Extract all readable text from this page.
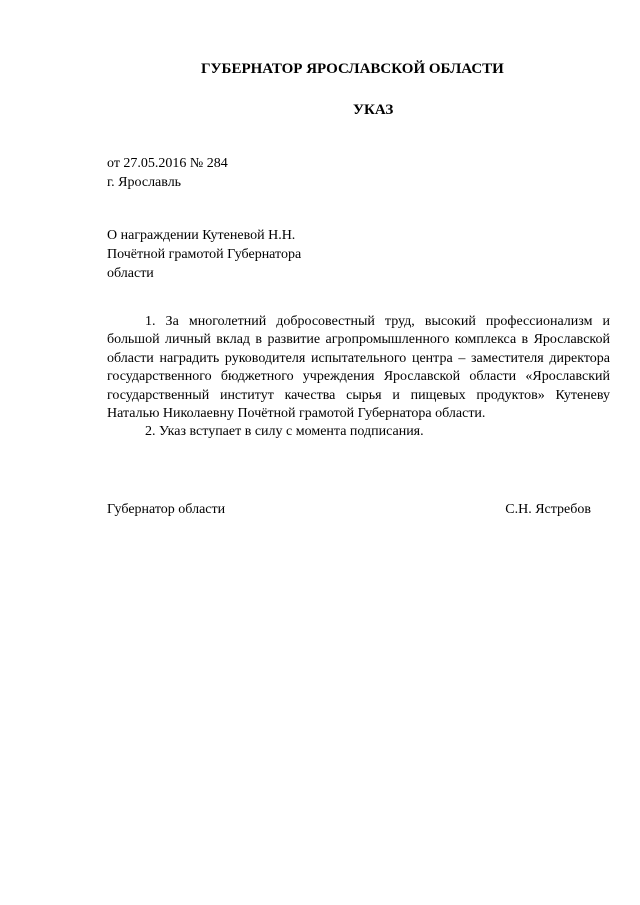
ГУБЕРНАТОР ЯРОСЛАВСКОЙ ОБЛАСТИ
УКАЗ
от 27.05.2016 № 284
г. Ярославль
О награждении Кутеневой Н.Н.
Почётной грамотой Губернатора
области

1. За многолетний добросовестный труд, высокий профессионализм и большой личный вклад в развитие агропромышленного комплекса в Ярославской области наградить руководителя испытательного центра – заместителя директора государственного бюджетного учреждения Ярославской области «Ярославский государственный институт качества сырья и пищевых продуктов» Кутеневу Наталью Николаевну Почётной грамотой Губернатора области.

2. Указ вступает в силу с момента подписания.

Губернатор области	С.Н. Ястребов
